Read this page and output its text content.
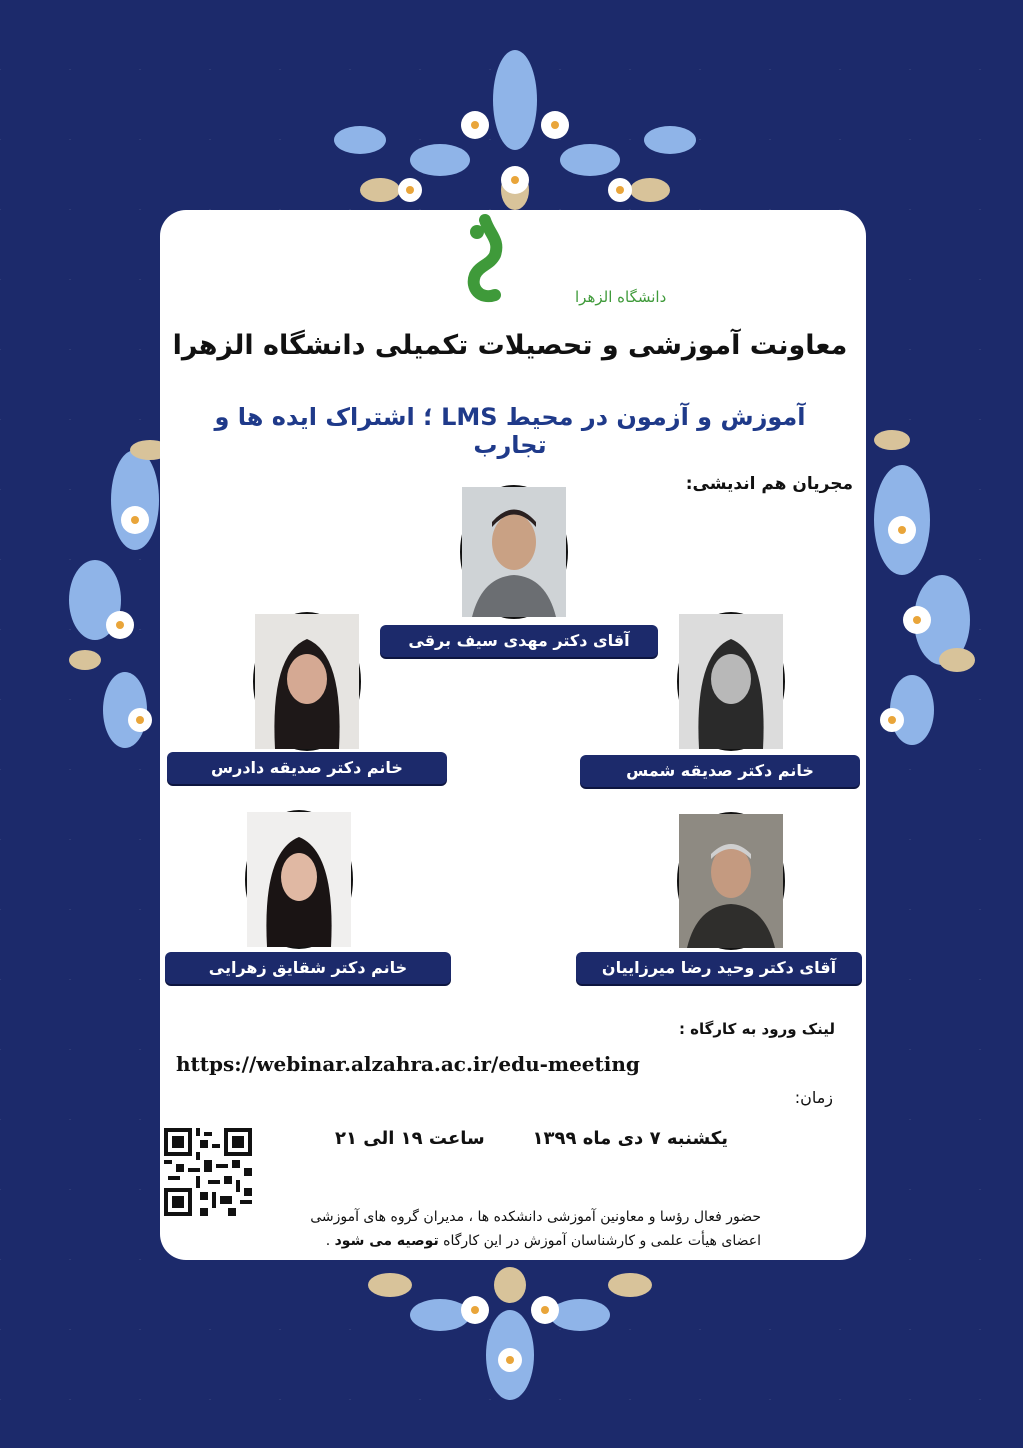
دانشگاه الزهرا
معاونت آموزشی و تحصیلات تکمیلی دانشگاه الزهرا
آموزش و آزمون در محیط LMS ؛ اشتراک ایده ها و تجارب
مجریان هم اندیشی:
آقای دکتر مهدی سیف برقی
خانم دکتر صدیقه دادرس	خانم دکتر صدیقه شمس
خانم دکتر شقایق زهرایی	آقای دکتر وحید رضا میرزاییان
لینک ورود به کارگاه :
https://webinar.alzahra.ac.ir/edu-meeting
زمان:
یکشنبه ۷ دی ماه ۱۳۹۹
ساعت ۱۹ الی ۲۱
حضور فعال رؤسا و معاونین آموزشی دانشکده ها ، مدیران گروه های آموزشی
اعضای هیأت علمی و کارشناسان آموزش در این کارگاه توصیه می شود .
